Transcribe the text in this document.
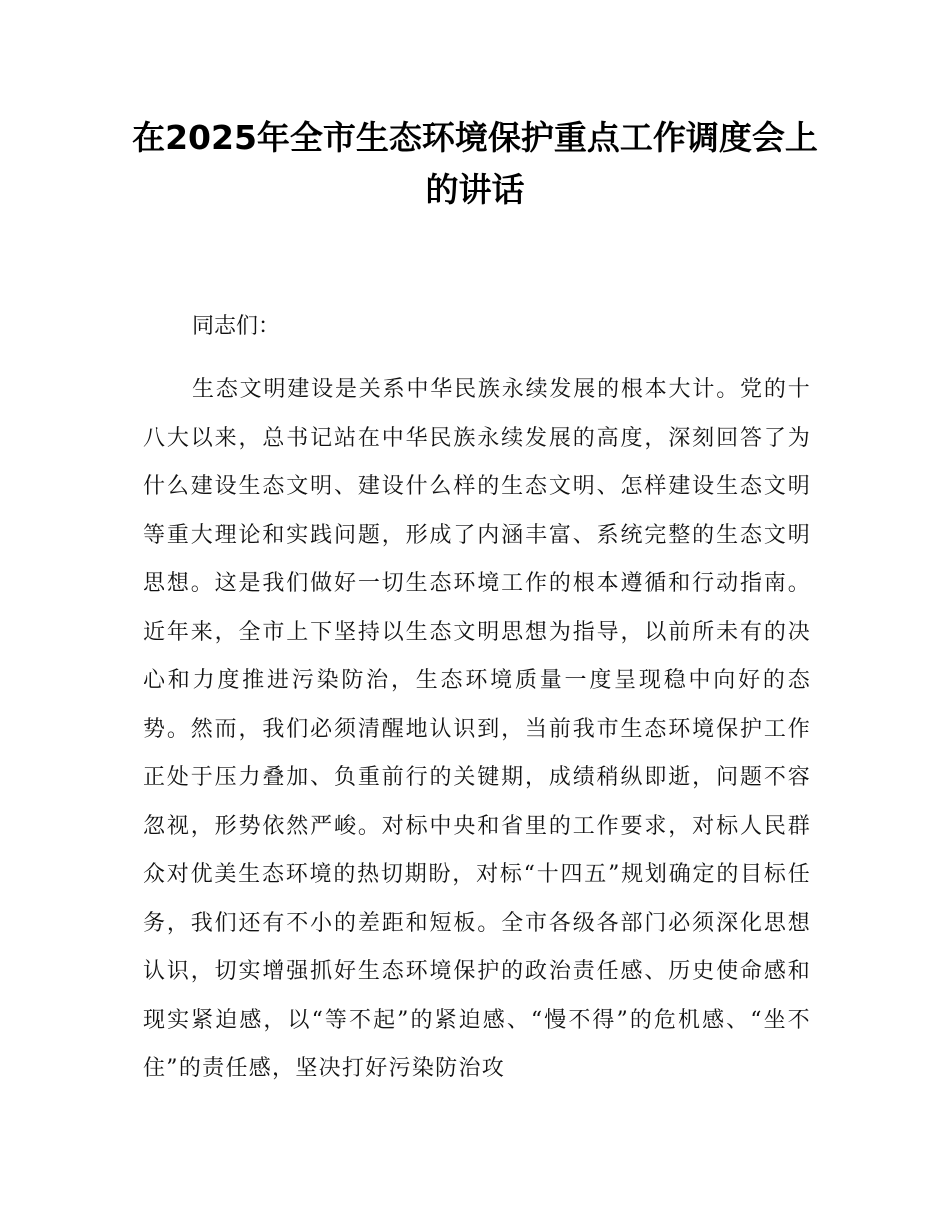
在2025年全市生态环境保护重点工作调度会上的讲话

同志们：

生态文明建设是关系中华民族永续发展的根本大计。党的十八大以来，总书记站在中华民族永续发展的高度，深刻回答了为什么建设生态文明、建设什么样的生态文明、怎样建设生态文明等重大理论和实践问题，形成了内涵丰富、系统完整的生态文明思想。这是我们做好一切生态环境工作的根本遵循和行动指南。近年来，全市上下坚持以生态文明思想为指导，以前所未有的决心和力度推进污染防治，生态环境质量一度呈现稳中向好的态势。然而，我们必须清醒地认识到，当前我市生态环境保护工作正处于压力叠加、负重前行的关键期，成绩稍纵即逝，问题不容忽视，形势依然严峻。对标中央和省里的工作要求，对标人民群众对优美生态环境的热切期盼，对标“十四五”规划确定的目标任务，我们还有不小的差距和短板。全市各级各部门必须深化思想认识，切实增强抓好生态环境保护的政治责任感、历史使命感和现实紧迫感，以“等不起”的紧迫感、“慢不得”的危机感、“坐不住”的责任感，坚决打好污染防治攻
